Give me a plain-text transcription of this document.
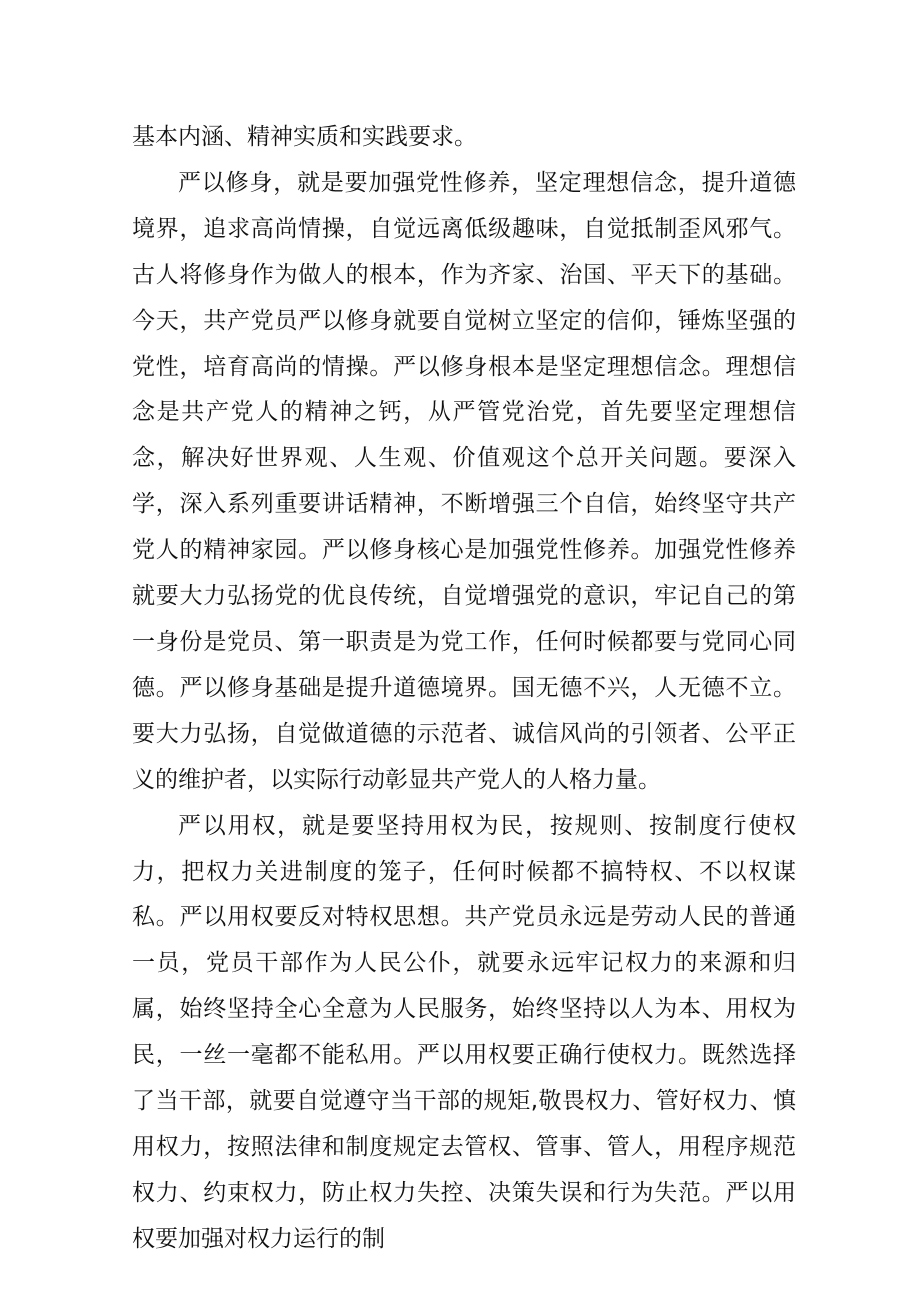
基本内涵、精神实质和实践要求。

严以修身，就是要加强党性修养，坚定理想信念，提升道德境界，追求高尚情操，自觉远离低级趣味，自觉抵制歪风邪气。古人将修身作为做人的根本，作为齐家、治国、平天下的基础。今天，共产党员严以修身就要自觉树立坚定的信仰，锤炼坚强的党性，培育高尚的情操。严以修身根本是坚定理想信念。理想信念是共产党人的精神之钙，从严管党治党，首先要坚定理想信念，解决好世界观、人生观、价值观这个总开关问题。要深入学，深入系列重要讲话精神，不断增强三个自信，始终坚守共产党人的精神家园。严以修身核心是加强党性修养。加强党性修养就要大力弘扬党的优良传统，自觉增强党的意识，牢记自己的第一身份是党员、第一职责是为党工作，任何时候都要与党同心同德。严以修身基础是提升道德境界。国无德不兴，人无德不立。要大力弘扬，自觉做道德的示范者、诚信风尚的引领者、公平正义的维护者，以实际行动彰显共产党人的人格力量。

严以用权，就是要坚持用权为民，按规则、按制度行使权力，把权力关进制度的笼子，任何时候都不搞特权、不以权谋私。严以用权要反对特权思想。共产党员永远是劳动人民的普通一员，党员干部作为人民公仆，就要永远牢记权力的来源和归属，始终坚持全心全意为人民服务，始终坚持以人为本、用权为民，一丝一毫都不能私用。严以用权要正确行使权力。既然选择了当干部，就要自觉遵守当干部的规矩,敬畏权力、管好权力、慎用权力，按照法律和制度规定去管权、管事、管人，用程序规范权力、约束权力，防止权力失控、决策失误和行为失范。严以用权要加强对权力运行的制
